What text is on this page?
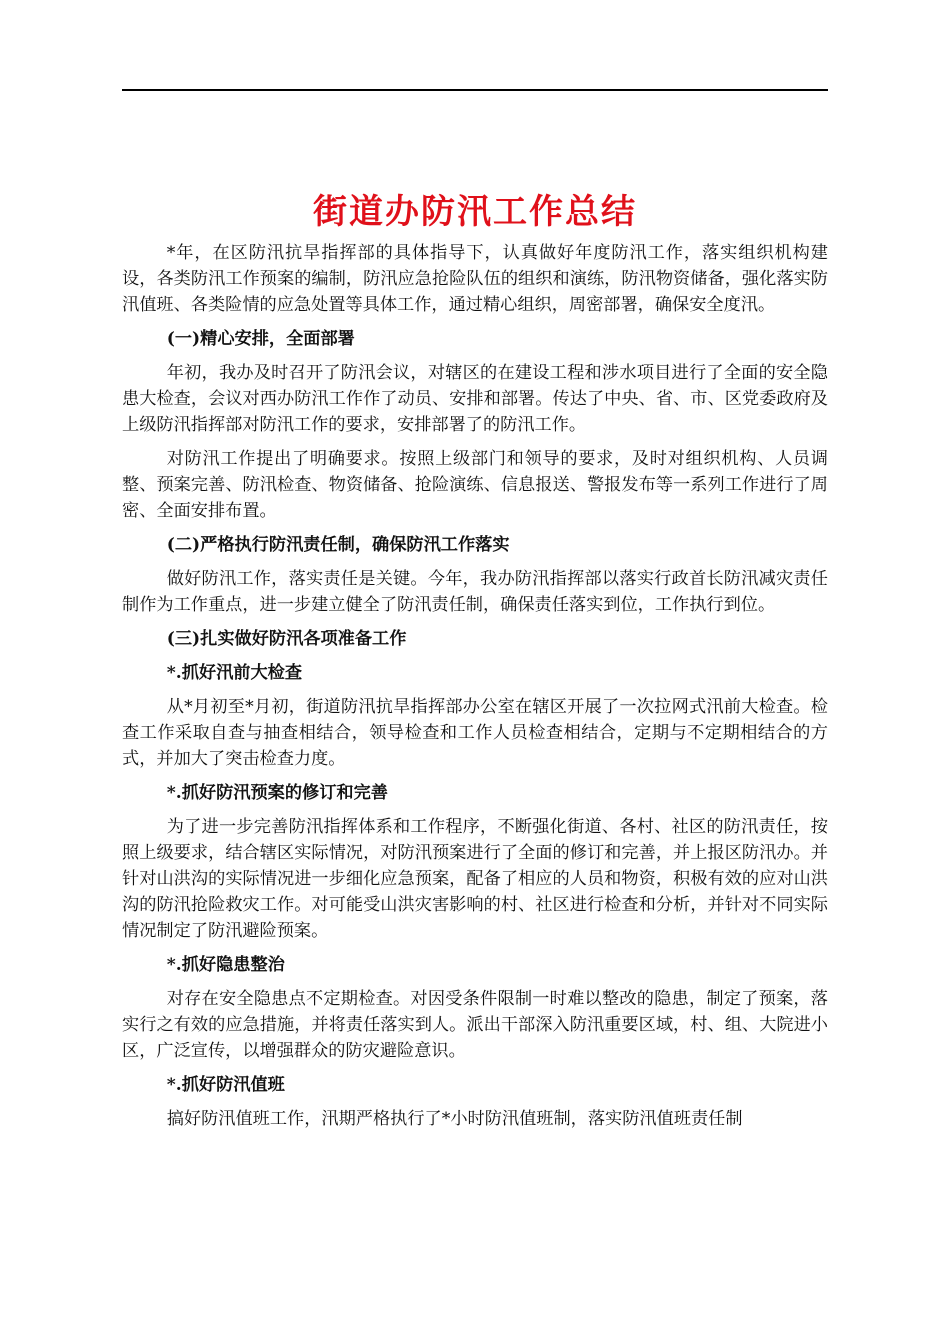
街道办防汛工作总结

*年，在区防汛抗旱指挥部的具体指导下，认真做好年度防汛工作，落实组织机构建设，各类防汛工作预案的编制，防汛应急抢险队伍的组织和演练，防汛物资储备，强化落实防汛值班、各类险情的应急处置等具体工作，通过精心组织，周密部署，确保安全度汛。

(一)精心安排，全面部署

年初，我办及时召开了防汛会议，对辖区的在建设工程和涉水项目进行了全面的安全隐患大检查，会议对西办防汛工作作了动员、安排和部署。传达了中央、省、市、区党委政府及上级防汛指挥部对防汛工作的要求，安排部署了的防汛工作。

对防汛工作提出了明确要求。按照上级部门和领导的要求，及时对组织机构、人员调整、预案完善、防汛检查、物资储备、抢险演练、信息报送、警报发布等一系列工作进行了周密、全面安排布置。

(二)严格执行防汛责任制，确保防汛工作落实

做好防汛工作，落实责任是关键。今年，我办防汛指挥部以落实行政首长防汛减灾责任制作为工作重点，进一步建立健全了防汛责任制，确保责任落实到位，工作执行到位。

(三)扎实做好防汛各项准备工作

*.抓好汛前大检查

从*月初至*月初，街道防汛抗旱指挥部办公室在辖区开展了一次拉网式汛前大检查。检查工作采取自查与抽查相结合，领导检查和工作人员检查相结合，定期与不定期相结合的方式，并加大了突击检查力度。

*.抓好防汛预案的修订和完善

为了进一步完善防汛指挥体系和工作程序，不断强化街道、各村、社区的防汛责任，按照上级要求，结合辖区实际情况，对防汛预案进行了全面的修订和完善，并上报区防汛办。并针对山洪沟的实际情况进一步细化应急预案，配备了相应的人员和物资，积极有效的应对山洪沟的防汛抢险救灾工作。对可能受山洪灾害影响的村、社区进行检查和分析，并针对不同实际情况制定了防汛避险预案。

*.抓好隐患整治

对存在安全隐患点不定期检查。对因受条件限制一时难以整改的隐患，制定了预案，落实行之有效的应急措施，并将责任落实到人。派出干部深入防汛重要区域，村、组、大院进小区，广泛宣传，以增强群众的防灾避险意识。

*.抓好防汛值班

搞好防汛值班工作，汛期严格执行了*小时防汛值班制，落实防汛值班责任制
